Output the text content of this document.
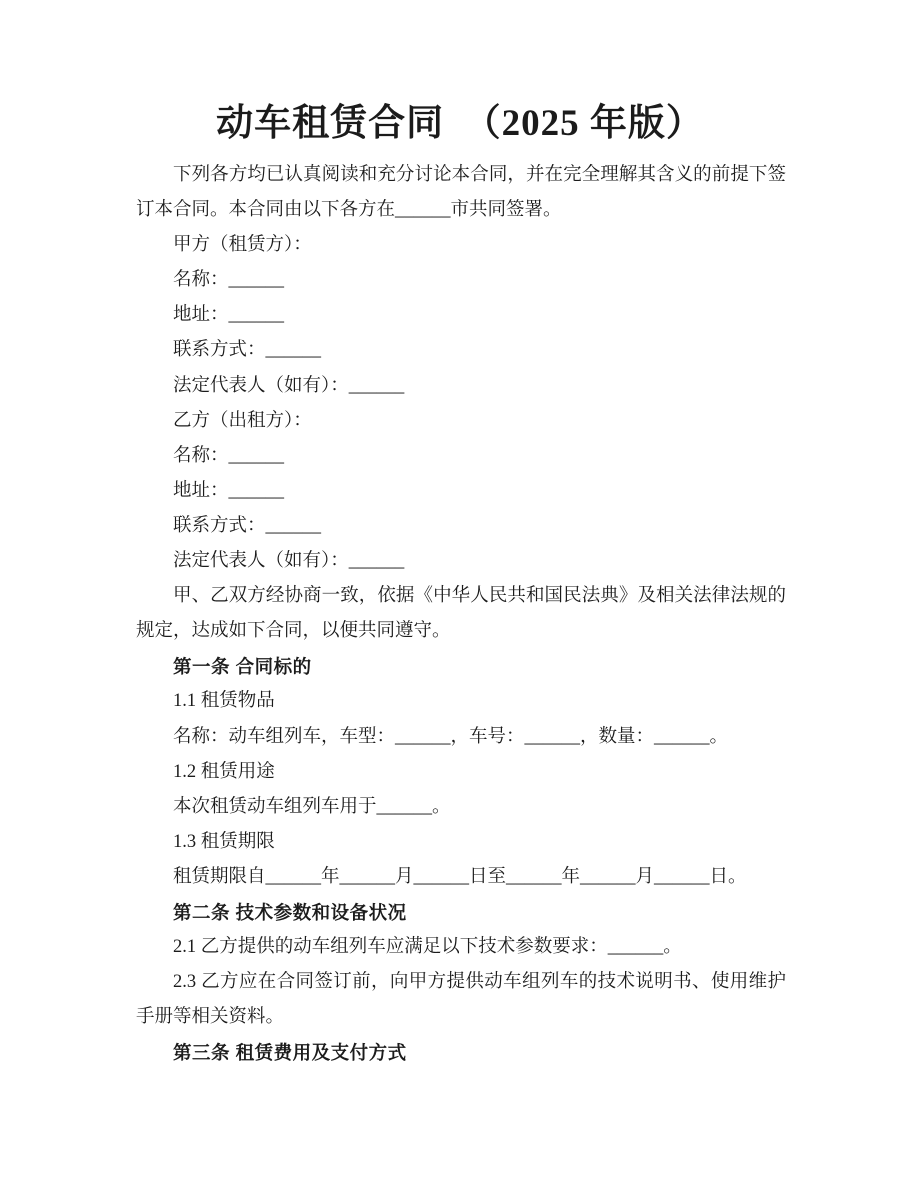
动车租赁合同　（2025 年版）
下列各方均已认真阅读和充分讨论本合同，并在完全理解其含义的前提下签
订本合同。本合同由以下各方在______市共同签署。
甲方（租赁方）：
名称：______
地址：______
联系方式：______
法定代表人（如有）：______
乙方（出租方）：
名称：______
地址：______
联系方式：______
法定代表人（如有）：______
甲、乙双方经协商一致，依据《中华人民共和国民法典》及相关法律法规的
规定，达成如下合同，以便共同遵守。
第一条 合同标的
1.1 租赁物品
名称：动车组列车，车型：______，车号：______，数量：______。
1.2 租赁用途
本次租赁动车组列车用于______。
1.3 租赁期限
租赁期限自______年______月______日至______年______月______日。
第二条 技术参数和设备状况
2.1 乙方提供的动车组列车应满足以下技术参数要求：______。
2.3 乙方应在合同签订前，向甲方提供动车组列车的技术说明书、使用维护
手册等相关资料。
第三条 租赁费用及支付方式
